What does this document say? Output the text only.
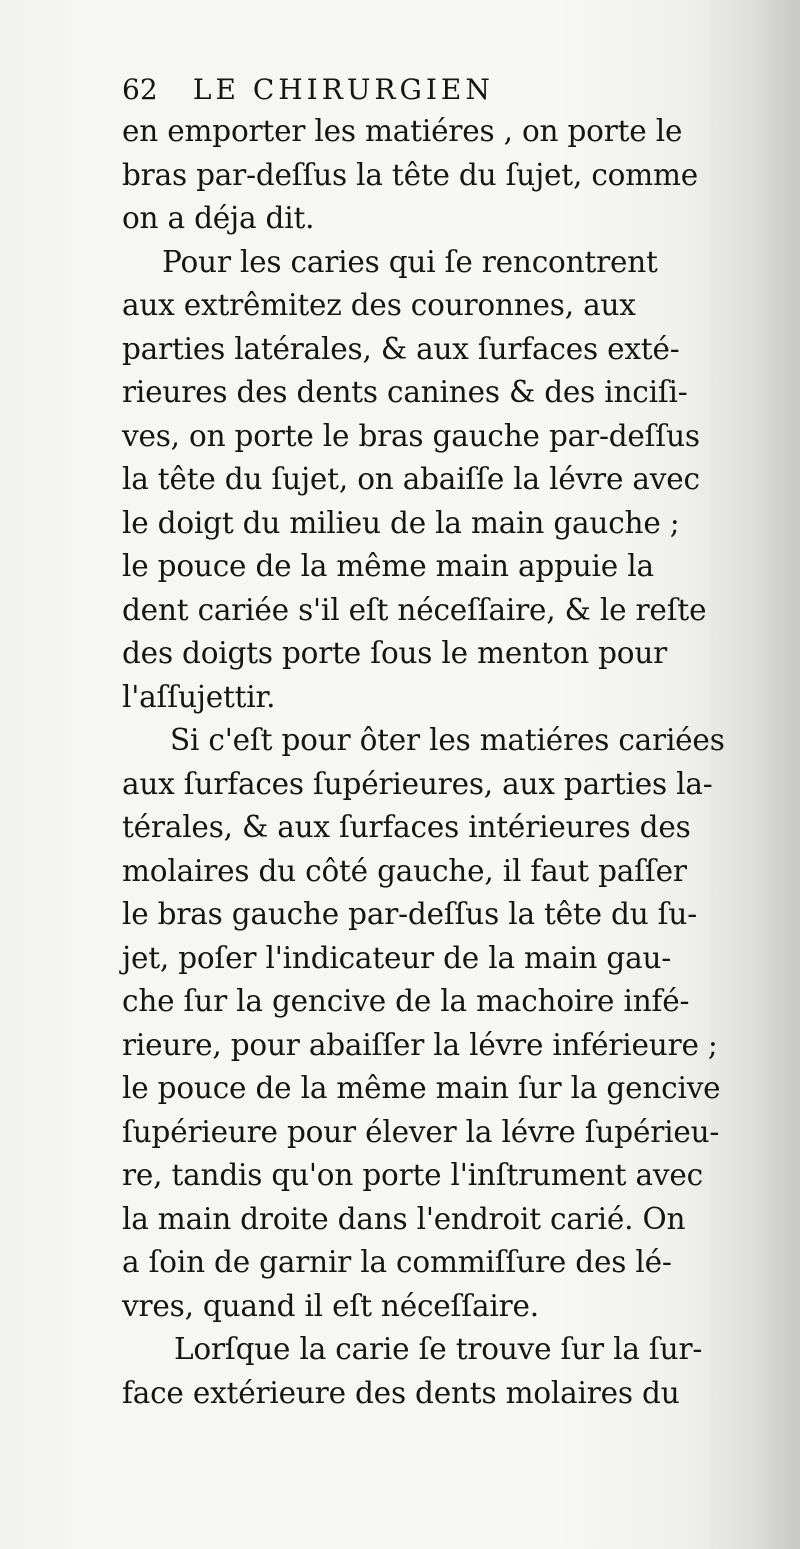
62 LE CHIRURGIEN
en emporter les matiéres , on porte le
bras par-deſſus la tête du ſujet, comme
on a déja dit.
Pour les caries qui ſe rencontrent
aux extrêmitez des couronnes, aux
parties latérales, & aux ſurfaces exté-
rieures des dents canines & des inciſi-
ves, on porte le bras gauche par-deſſus
la tête du ſujet, on abaiſſe la lévre avec
le doigt du milieu de la main gauche ;
le pouce de la même main appuie la
dent cariée s'il eſt néceſſaire, & le reſte
des doigts porte ſous le menton pour
l'aſſujettir.
Si c'eſt pour ôter les matiéres cariées
aux ſurfaces ſupérieures, aux parties la-
térales, & aux ſurfaces intérieures des
molaires du côté gauche, il faut paſſer
le bras gauche par-deſſus la tête du ſu-
jet, poſer l'indicateur de la main gau-
che ſur la gencive de la machoire infé-
rieure, pour abaiſſer la lévre inférieure ;
le pouce de la même main ſur la gencive
ſupérieure pour élever la lévre ſupérieu-
re, tandis qu'on porte l'inſtrument avec
la main droite dans l'endroit carié. On
a ſoin de garnir la commiſſure des lé-
vres, quand il eſt néceſſaire.
Lorſque la carie ſe trouve ſur la ſur-
face extérieure des dents molaires du
